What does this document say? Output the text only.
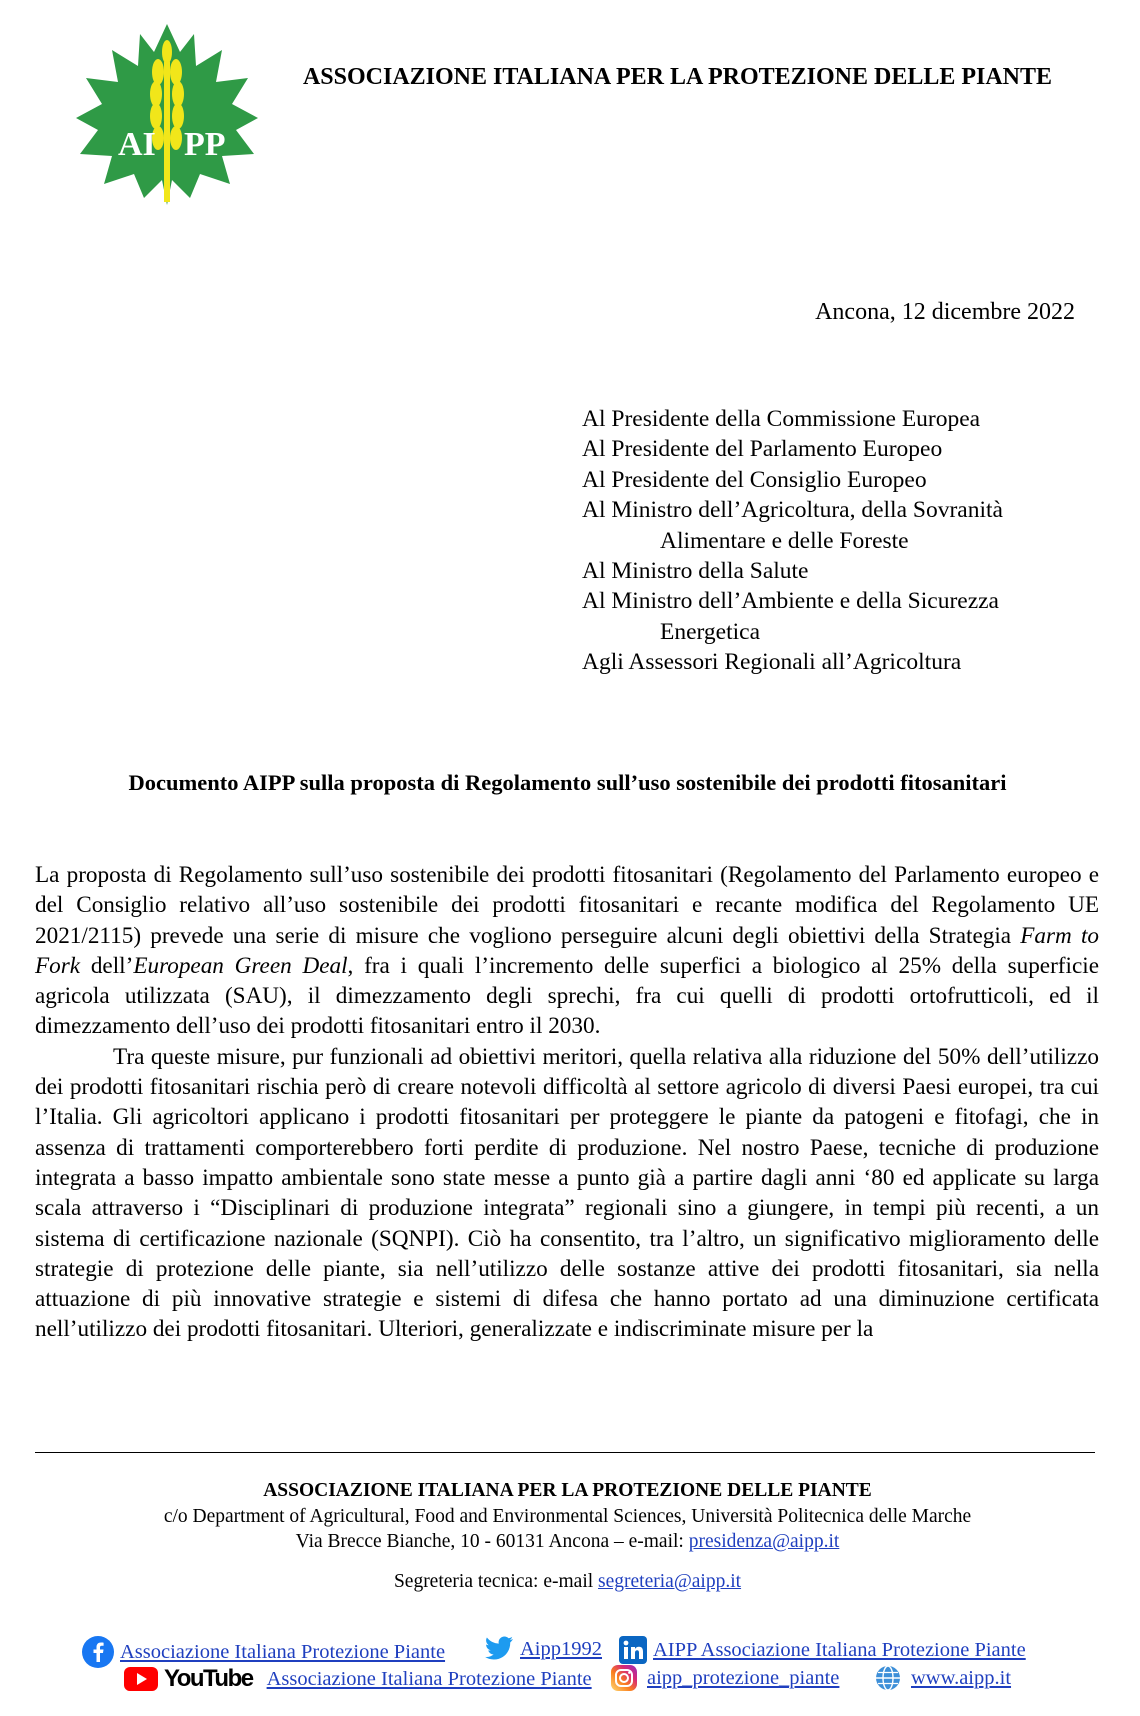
AI PP
ASSOCIAZIONE ITALIANA PER LA PROTEZIONE DELLE PIANTE
Ancona, 12 dicembre 2022
Al Presidente della Commissione Europea
Al Presidente del Parlamento Europeo
Al Presidente del Consiglio Europeo
Al Ministro dell’Agricoltura, della Sovranità
Alimentare e delle Foreste
Al Ministro della Salute
Al Ministro dell’Ambiente e della Sicurezza
Energetica
Agli Assessori Regionali all’Agricoltura
Documento AIPP sulla proposta di Regolamento sull’uso sostenibile dei prodotti fitosanitari

La proposta di Regolamento sull’uso sostenibile dei prodotti fitosanitari (Regolamento del Parlamento europeo e del Consiglio relativo all’uso sostenibile dei prodotti fitosanitari e recante modifica del Regolamento UE 2021/2115) prevede una serie di misure che vogliono perseguire alcuni degli obiettivi della Strategia Farm to Fork dell’European Green Deal, fra i quali l’incremento delle superfici a biologico al 25% della superficie agricola utilizzata (SAU), il dimezzamento degli sprechi, fra cui quelli di prodotti ortofrutticoli, ed il dimezzamento dell’uso dei prodotti fitosanitari entro il 2030.

Tra queste misure, pur funzionali ad obiettivi meritori, quella relativa alla riduzione del 50% dell’utilizzo dei prodotti fitosanitari rischia però di creare notevoli difficoltà al settore agricolo di diversi Paesi europei, tra cui l’Italia. Gli agricoltori applicano i prodotti fitosanitari per proteggere le piante da patogeni e fitofagi, che in assenza di trattamenti comporterebbero forti perdite di produzione. Nel nostro Paese, tecniche di produzione integrata a basso impatto ambientale sono state messe a punto già a partire dagli anni ‘80 ed applicate su larga scala attraverso i “Disciplinari di produzione integrata” regionali sino a giungere, in tempi più recenti, a un sistema di certificazione nazionale (SQNPI). Ciò ha consentito, tra l’altro, un significativo miglioramento delle strategie di protezione delle piante, sia nell’utilizzo delle sostanze attive dei prodotti fitosanitari, sia nella attuazione di più innovative strategie e sistemi di difesa che hanno portato ad una diminuzione certificata nell’utilizzo dei prodotti fitosanitari. Ulteriori, generalizzate e indiscriminate misure per la

ASSOCIAZIONE ITALIANA PER LA PROTEZIONE DELLE PIANTE
c/o Department of Agricultural, Food and Environmental Sciences, Università Politecnica delle Marche
Via Brecce Bianche, 10 - 60131 Ancona – e-mail: presidenza@aipp.it
Segreteria tecnica: e-mail segreteria@aipp.it
Associazione Italiana Protezione Piante	Aipp1992 AIPP Associazione Italiana Protezione Piante
YouTube Associazione Italiana Protezione Piante	aipp_protezione_piante	www.aipp.it
